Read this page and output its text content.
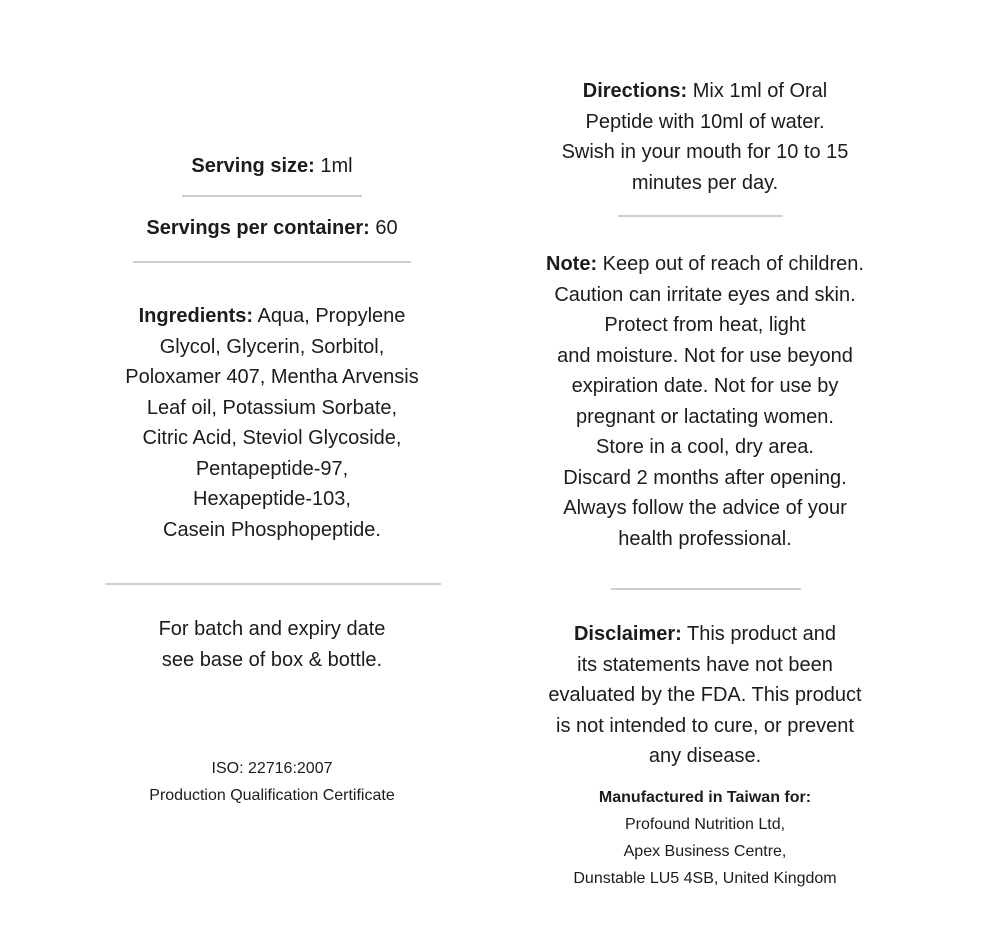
Serving size: 1ml
Servings per container: 60
Ingredients: Aqua, Propylene
Glycol, Glycerin, Sorbitol,
Poloxamer 407, Mentha Arvensis
Leaf oil, Potassium Sorbate,
Citric Acid, Steviol Glycoside,
Pentapeptide-97,
Hexapeptide-103,
Casein Phosphopeptide.
For batch and expiry date
see base of box & bottle.
ISO: 22716:2007
Production Qualification Certificate
Directions: Mix 1ml of Oral
Peptide with 10ml of water.
Swish in your mouth for 10 to 15
minutes per day.
Note: Keep out of reach of children.
Caution can irritate eyes and skin.
Protect from heat, light
and moisture. Not for use beyond
expiration date. Not for use by
pregnant or lactating women.
Store in a cool, dry area.
Discard 2 months after opening.
Always follow the advice of your
health professional.
Disclaimer: This product and
its statements have not been
evaluated by the FDA. This product
is not intended to cure, or prevent
any disease.
Manufactured in Taiwan for:
Profound Nutrition Ltd,
Apex Business Centre,
Dunstable LU5 4SB, United Kingdom
